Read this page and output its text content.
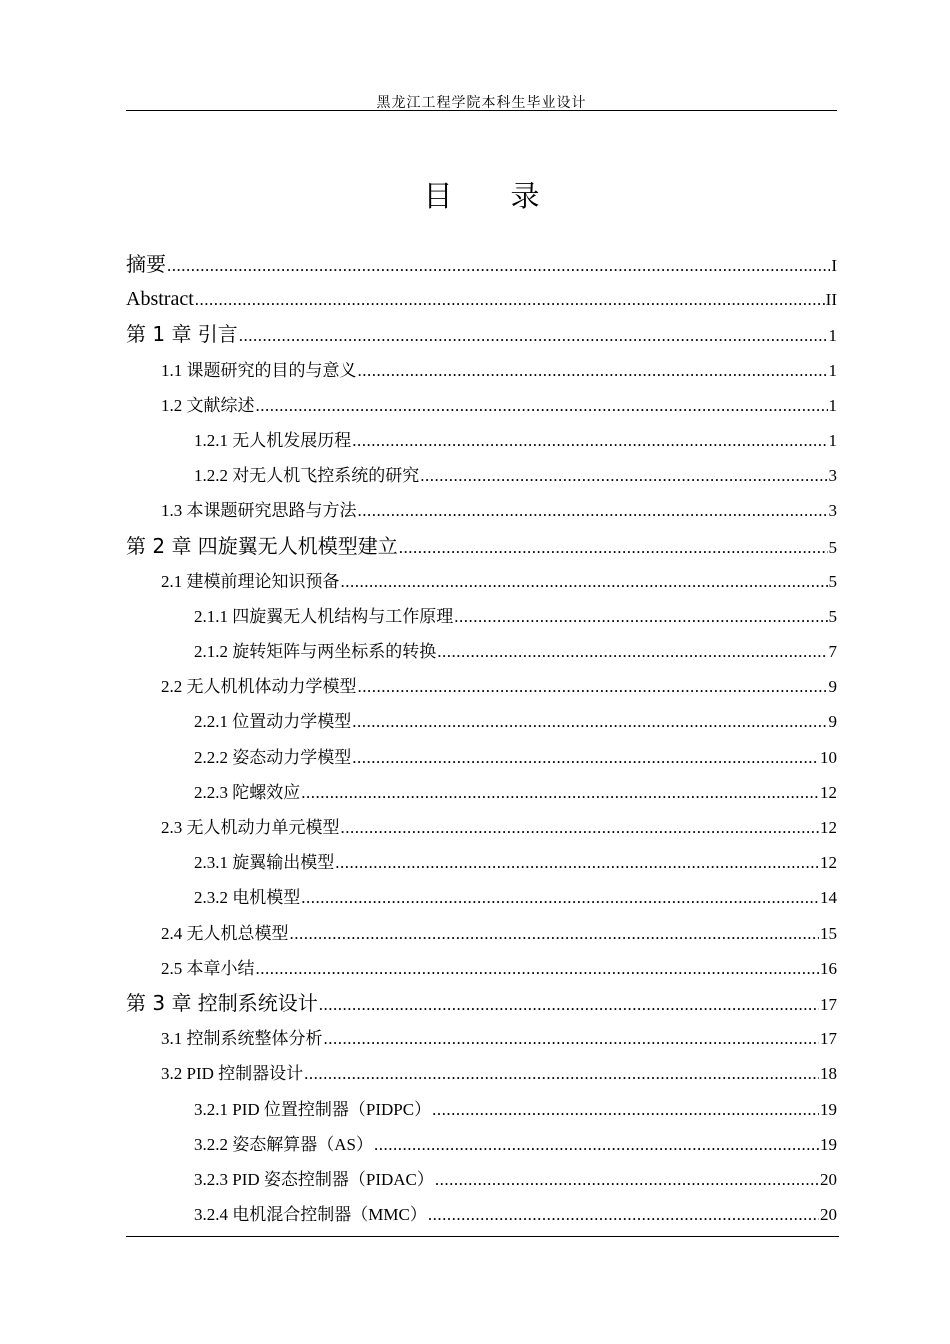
黑龙江工程学院本科生毕业设计
目 录
摘要 .....	I
Abstract .....	II
第 1 章 引言 .....	1
1.1 课题研究的目的与意义 .....	1
1.2 文献综述 .....	1
1.2.1 无人机发展历程 .....	1
1.2.2 对无人机飞控系统的研究 .....	3
1.3 本课题研究思路与方法 .....	3
第 2 章 四旋翼无人机模型建立 .....	5
2.1 建模前理论知识预备 .....	5
2.1.1 四旋翼无人机结构与工作原理 .....	5
2.1.2 旋转矩阵与两坐标系的转换 .....	7
2.2 无人机机体动力学模型 .....	9
2.2.1 位置动力学模型 .....	9
2.2.2 姿态动力学模型 .....	10
2.2.3 陀螺效应 .....	12
2.3 无人机动力单元模型 .....	12
2.3.1 旋翼输出模型 .....	12
2.3.2 电机模型 .....	14
2.4 无人机总模型 .....	15
2.5 本章小结 .....	16
第 3 章 控制系统设计 .....	17
3.1 控制系统整体分析 .....	17
3.2 PID 控制器设计 .....	18
3.2.1 PID 位置控制器（PIDPC） .....	19
3.2.2 姿态解算器（AS） .....	19
3.2.3 PID 姿态控制器（PIDAC） .....	20
3.2.4 电机混合控制器（MMC） .....	20
